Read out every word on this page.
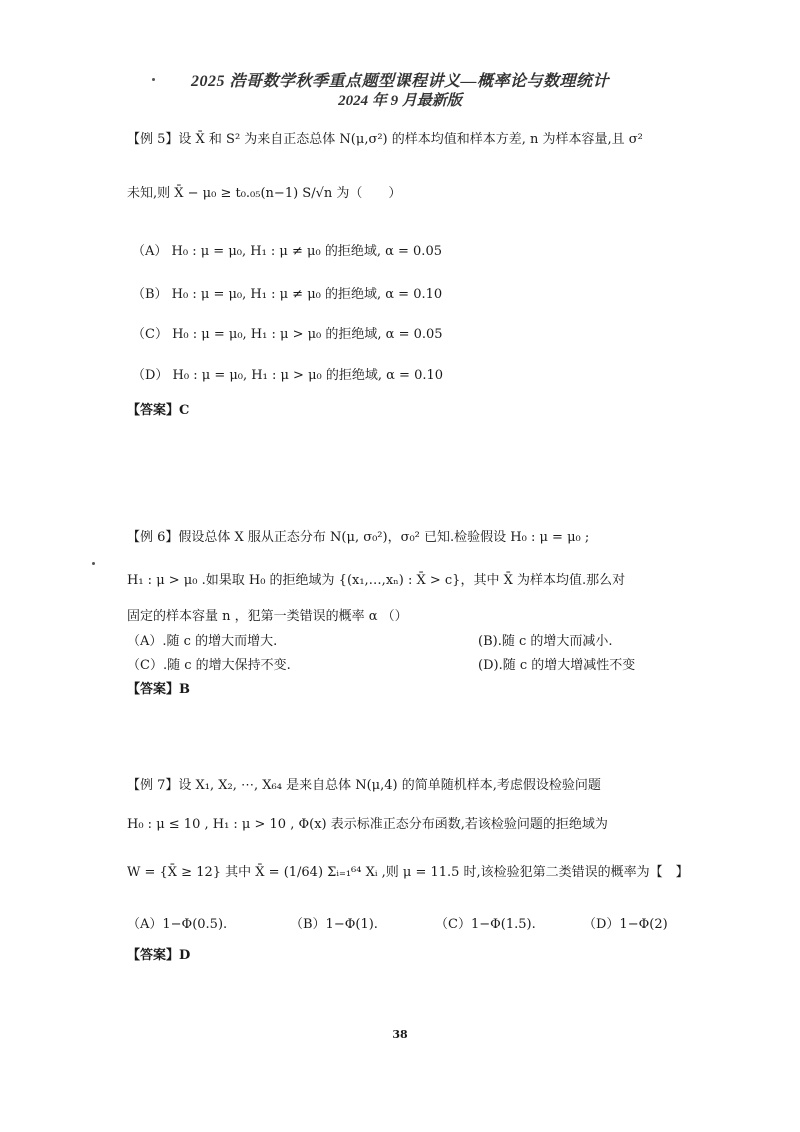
2025 浩哥数学秋季重点题型课程讲义—概率论与数理统计
2024 年 9 月最新版
【例 5】设 X̄ 和 S² 为来自正态总体 N(μ,σ²) 的样本均值和样本方差, n 为样本容量,且 σ²
未知,则 X̄ − μ₀ ≥ t₀.₀₅(n−1) S/√n 为（　　）
（A） H₀ : μ = μ₀, H₁ : μ ≠ μ₀ 的拒绝域, α = 0.05
（B） H₀ : μ = μ₀, H₁ : μ ≠ μ₀ 的拒绝域, α = 0.10
（C） H₀ : μ = μ₀, H₁ : μ > μ₀ 的拒绝域, α = 0.05
（D） H₀ : μ = μ₀, H₁ : μ > μ₀ 的拒绝域, α = 0.10
【答案】C
【例 6】假设总体 X 服从正态分布 N(μ, σ₀²)，σ₀² 已知.检验假设 H₀ : μ = μ₀ ;
H₁ : μ > μ₀ .如果取 H₀ 的拒绝域为 {(x₁,…,xₙ) : X̄ > c}，其中 X̄ 为样本均值.那么对
固定的样本容量 n ，犯第一类错误的概率 α （）
（A）.随 c 的增大而增大.	(B).随 c 的增大而减小.
（C）.随 c 的增大保持不变.	(D).随 c 的增大增减性不变
【答案】B
【例 7】设 X₁, X₂, ⋯, X₆₄ 是来自总体 N(μ,4) 的简单随机样本,考虑假设检验问题
H₀ : μ ≤ 10 , H₁ : μ > 10 , Φ(x) 表示标准正态分布函数,若该检验问题的拒绝域为
W = {X̄ ≥ 12} 其中 X̄ = (1/64) Σᵢ₌₁⁶⁴ Xᵢ ,则 μ = 11.5 时,该检验犯第二类错误的概率为【　】
（A）1−Φ(0.5).	（B）1−Φ(1).	（C）1−Φ(1.5).	（D）1−Φ(2)
【答案】D
38
